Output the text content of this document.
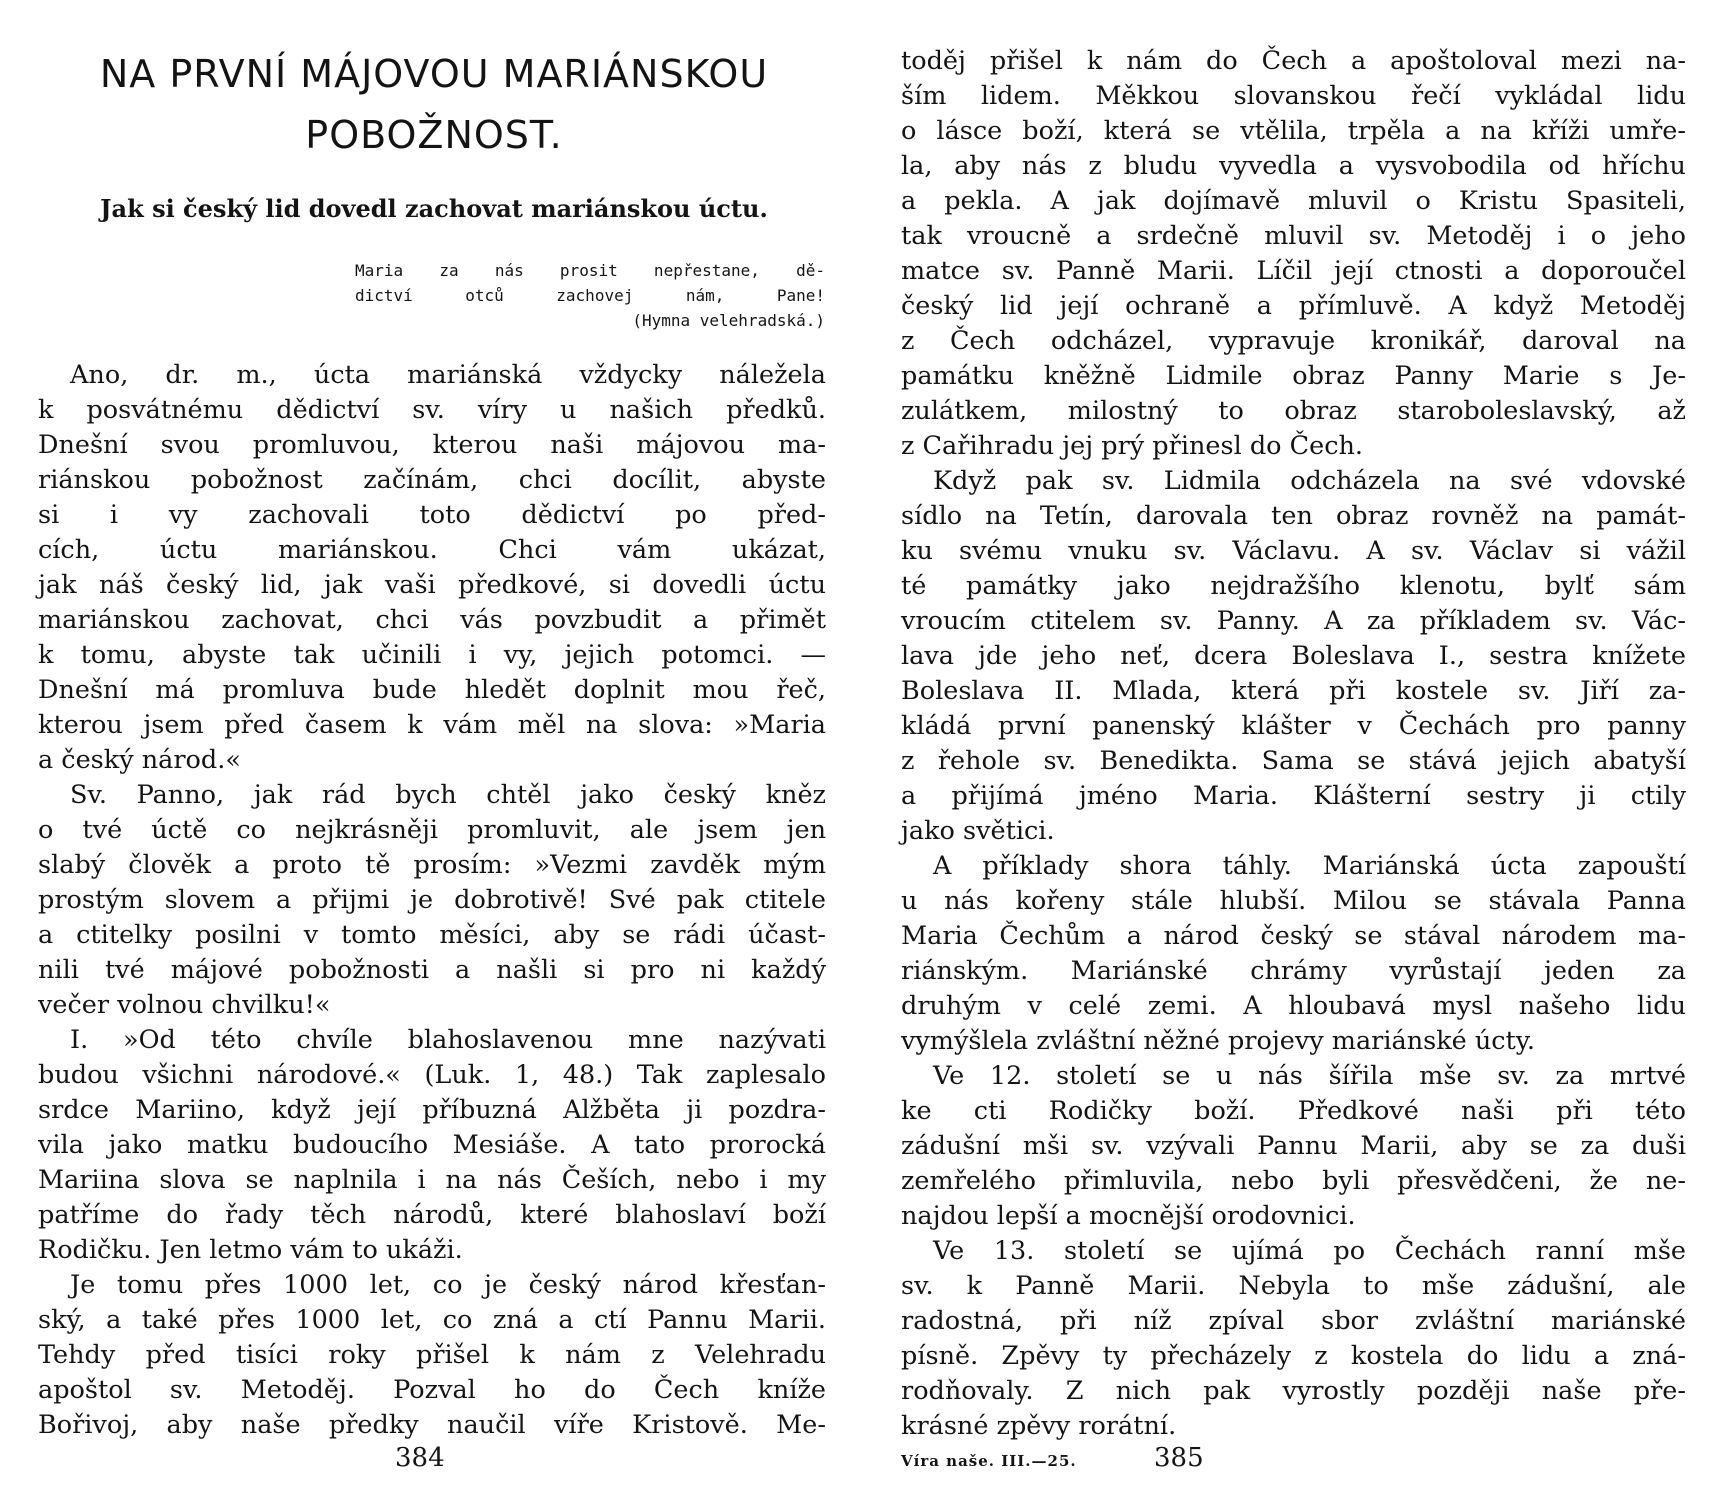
NA PRVNÍ MÁJOVOU MARIÁNSKOU
POBOŽNOST.
Jak si český lid dovedl zachovat mariánskou úctu.
Maria za nás prosit nepřestane, dě-
dictví otců zachovej nám, Pane!
(Hymna velehradská.)
Ano, dr. m., úcta mariánská vždycky náležela
k posvátnému dědictví sv. víry u našich předků.
Dnešní svou promluvou, kterou naši májovou ma-
riánskou pobožnost začínám, chci docílit, abyste
si i vy zachovali toto dědictví po před-
cích, úctu mariánskou. Chci vám ukázat,
jak náš český lid, jak vaši předkové, si dovedli úctu
mariánskou zachovat, chci vás povzbudit a přimět
k tomu, abyste tak učinili i vy, jejich potomci. —
Dnešní má promluva bude hledět doplnit mou řeč,
kterou jsem před časem k vám měl na slova: »Maria
a český národ.«
Sv. Panno, jak rád bych chtěl jako český kněz
o tvé úctě co nejkrásněji promluvit, ale jsem jen
slabý člověk a proto tě prosím: »Vezmi zavděk mým
prostým slovem a přijmi je dobrotivě! Své pak ctitele
a ctitelky posilni v tomto měsíci, aby se rádi účast-
nili tvé májové pobožnosti a našli si pro ni každý
večer volnou chvilku!«
I. »Od této chvíle blahoslavenou mne nazývati
budou všichni národové.« (Luk. 1, 48.) Tak zaplesalo
srdce Mariino, když její příbuzná Alžběta ji pozdra-
vila jako matku budoucího Mesiáše. A tato prorocká
Mariina slova se naplnila i na nás Češích, nebo i my
patříme do řady těch národů, které blahoslaví boží
Rodičku. Jen letmo vám to ukáži.
Je tomu přes 1000 let, co je český národ křesťan-
ský, a také přes 1000 let, co zná a ctí Pannu Marii.
Tehdy před tisíci roky přišel k nám z Velehradu
apoštol sv. Metoděj. Pozval ho do Čech kníže
Bořivoj, aby naše předky naučil víře Kristově. Me-
384
toděj přišel k nám do Čech a apoštoloval mezi na-
ším lidem. Měkkou slovanskou řečí vykládal lidu
o lásce boží, která se vtělila, trpěla a na kříži umře-
la, aby nás z bludu vyvedla a vysvobodila od hříchu
a pekla. A jak dojímavě mluvil o Kristu Spasiteli,
tak vroucně a srdečně mluvil sv. Metoděj i o jeho
matce sv. Panně Marii. Líčil její ctnosti a doporoučel
český lid její ochraně a přímluvě. A když Metoděj
z Čech odcházel, vypravuje kronikář, daroval na
památku kněžně Lidmile obraz Panny Marie s Je-
zulátkem, milostný to obraz staroboleslavský, až
z Cařihradu jej prý přinesl do Čech.
Když pak sv. Lidmila odcházela na své vdovské
sídlo na Tetín, darovala ten obraz rovněž na památ-
ku svému vnuku sv. Václavu. A sv. Václav si vážil
té památky jako nejdražšího klenotu, bylť sám
vroucím ctitelem sv. Panny. A za příkladem sv. Vác-
lava jde jeho neť, dcera Boleslava I., sestra knížete
Boleslava II. Mlada, která při kostele sv. Jiří za-
kládá první panenský klášter v Čechách pro panny
z řehole sv. Benedikta. Sama se stává jejich abatyší
a přijímá jméno Maria. Klášterní sestry ji ctily
jako světici.
A příklady shora táhly. Mariánská úcta zapouští
u nás kořeny stále hlubší. Milou se stávala Panna
Maria Čechům a národ český se stával národem ma-
riánským. Mariánské chrámy vyrůstají jeden za
druhým v celé zemi. A hloubavá mysl našeho lidu
vymýšlela zvláštní něžné projevy mariánské úcty.
Ve 12. století se u nás šířila mše sv. za mrtvé
ke cti Rodičky boží. Předkové naši při této
zádušní mši sv. vzývali Pannu Marii, aby se za duši
zemřelého přimluvila, nebo byli přesvědčeni, že ne-
najdou lepší a mocnější orodovnici.
Ve 13. století se ujímá po Čechách ranní mše
sv. k Panně Marii. Nebyla to mše zádušní, ale
radostná, při níž zpíval sbor zvláštní mariánské
písně. Zpěvy ty přecházely z kostela do lidu a zná-
rodňovaly. Z nich pak vyrostly později naše pře-
krásné zpěvy rorátní.
Víra naše. III.—25.	385
